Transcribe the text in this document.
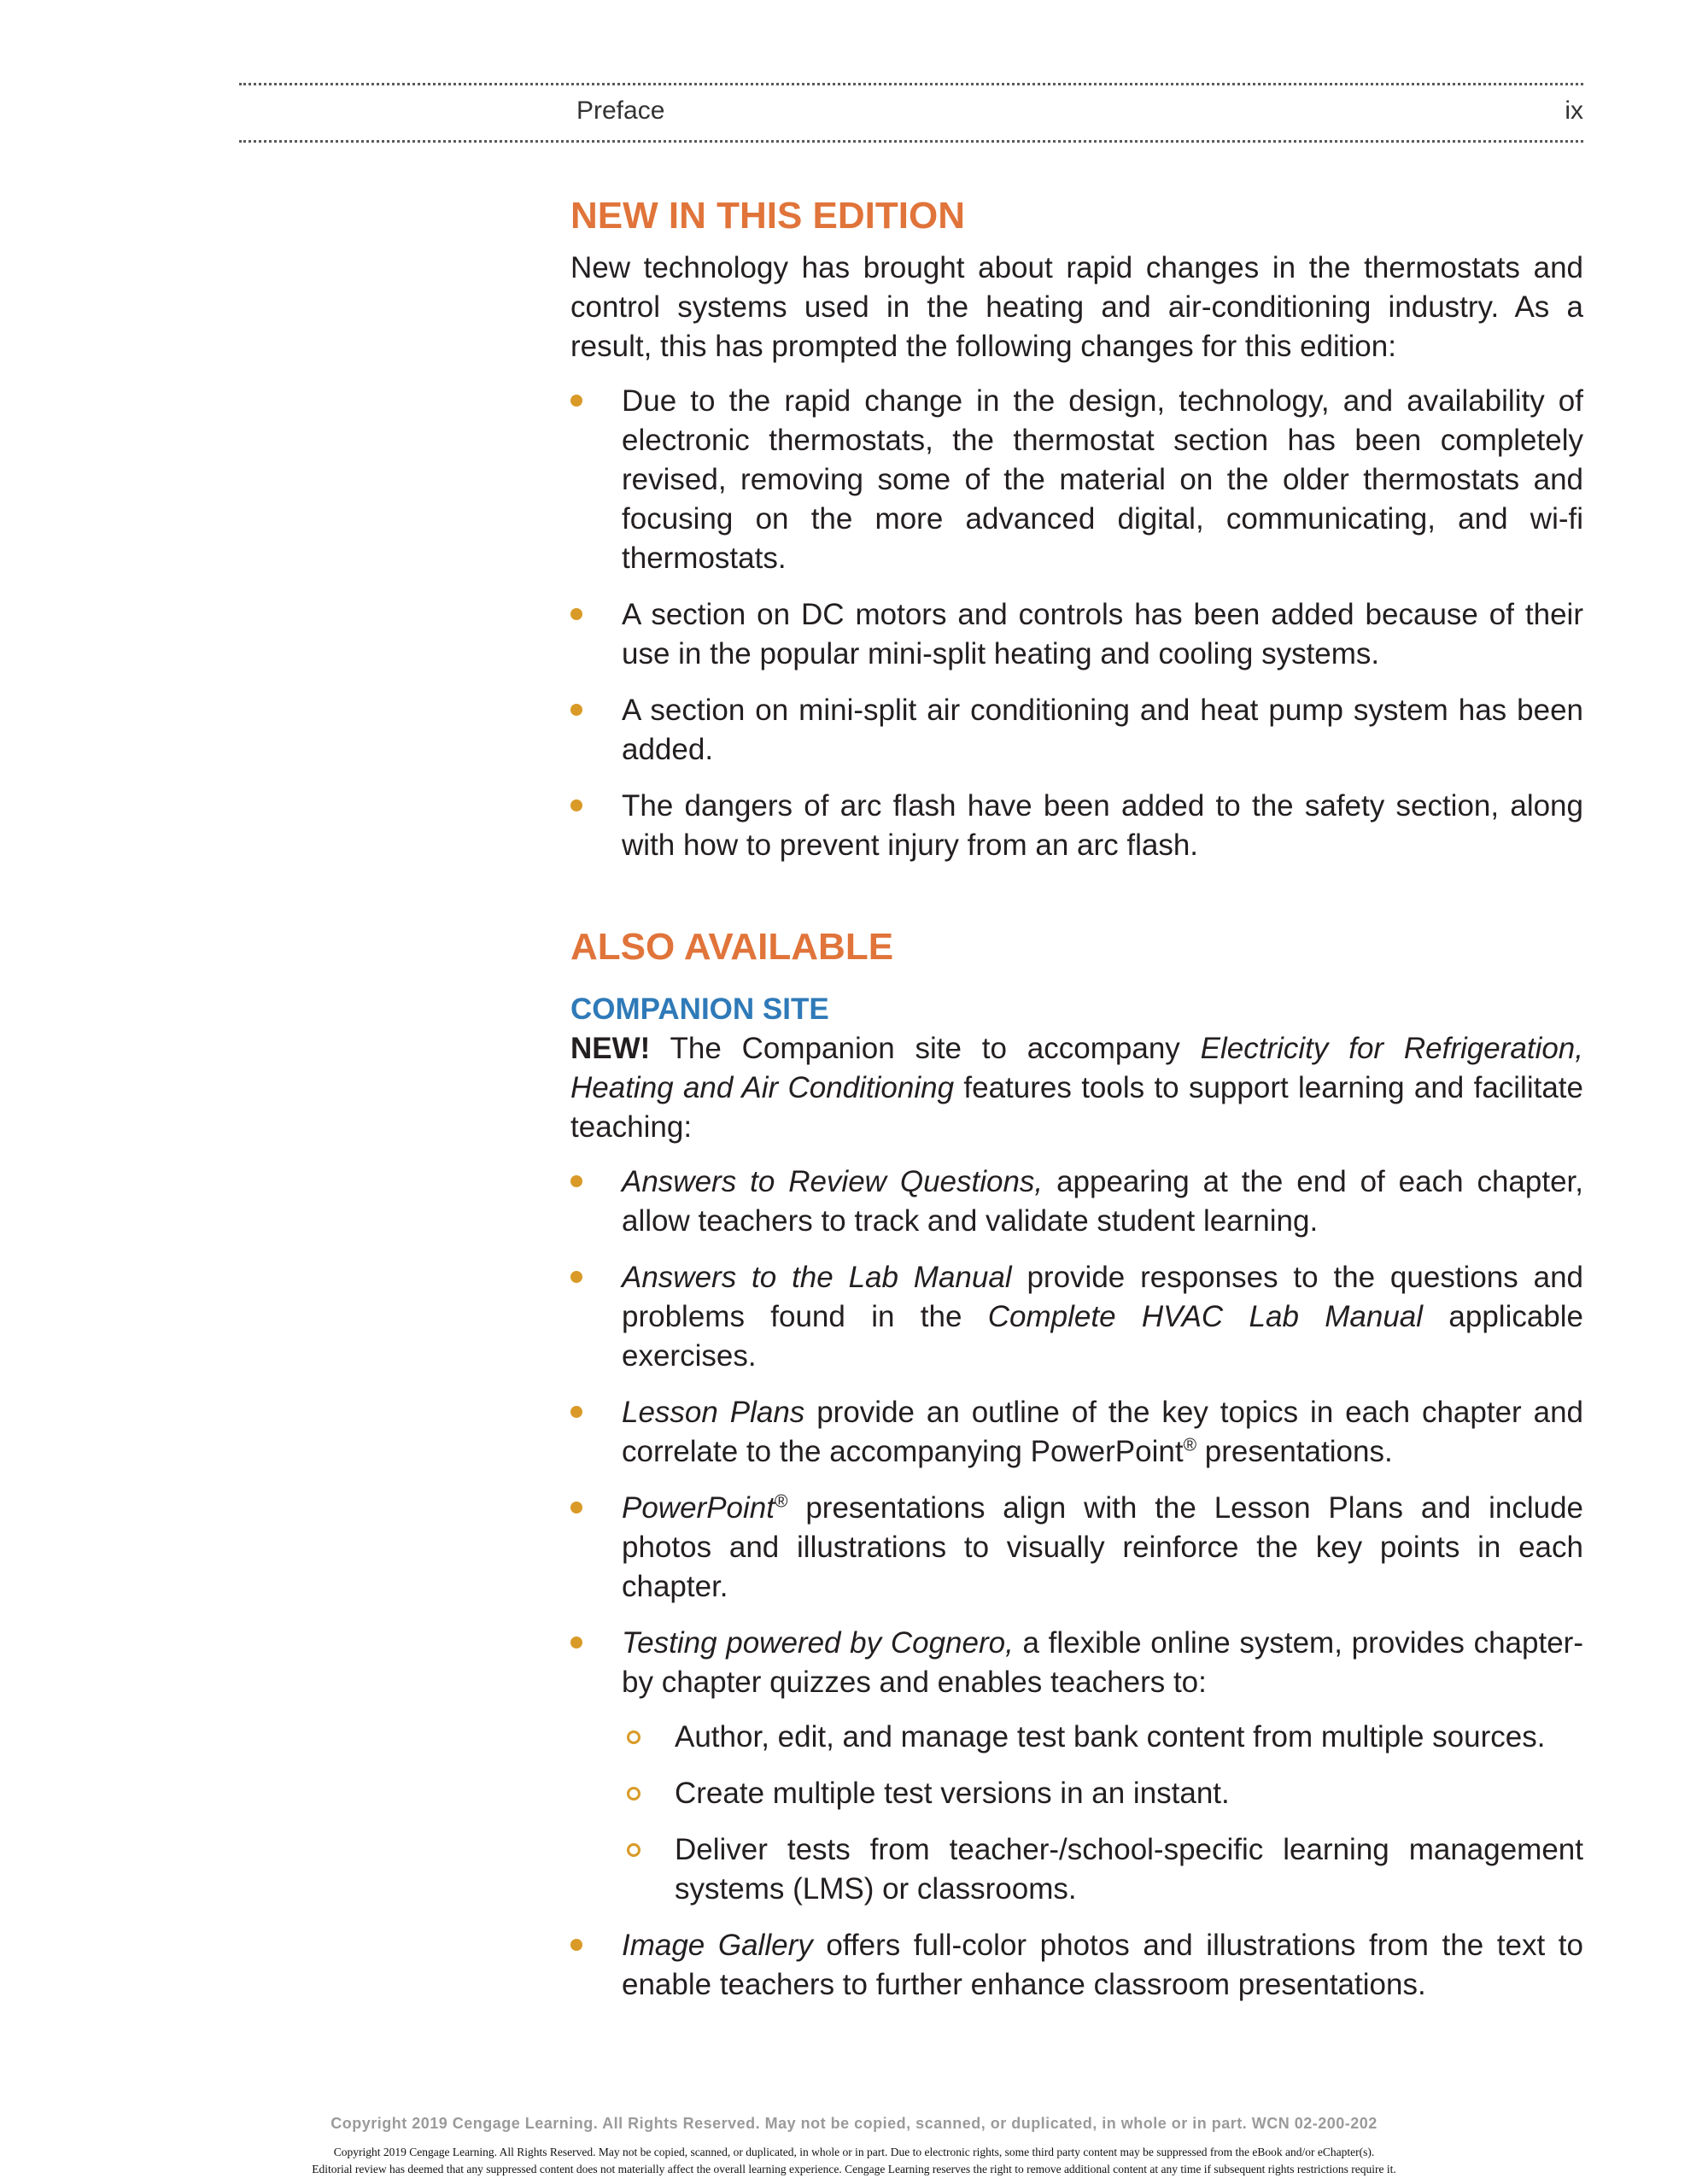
Preface	ix
NEW IN THIS EDITION

New technology has brought about rapid changes in the thermostats and control systems used in the heating and air-conditioning industry. As a result, this has prompted the following changes for this edition:

Due to the rapid change in the design, technology, and availability of electronic thermostats, the thermostat section has been completely revised, removing some of the material on the older thermostats and focusing on the more advanced digital, communicating, and wi-fi thermostats.

A section on DC motors and controls has been added because of their use in the popular mini-split heating and cooling systems.

A section on mini-split air conditioning and heat pump system has been added.

The dangers of arc flash have been added to the safety section, along with how to prevent injury from an arc flash.

ALSO AVAILABLE
COMPANION SITE

NEW! The Companion site to accompany Electricity for Refrigeration, Heating and Air Conditioning features tools to support learning and facilitate teaching:

Answers to Review Questions, appearing at the end of each chapter, allow teachers to track and validate student learning.

Answers to the Lab Manual provide responses to the questions and problems found in the Complete HVAC Lab Manual applicable exercises.

Lesson Plans provide an outline of the key topics in each chapter and correlate to the accompanying PowerPoint® presentations.

PowerPoint® presentations align with the Lesson Plans and include photos and illustrations to visually reinforce the key points in each chapter.

Testing powered by Cognero, a flexible online system, provides chapter-by chapter quizzes and enables teachers to:

Author, edit, and manage test bank content from multiple sources.

Create multiple test versions in an instant.

Deliver tests from teacher-/school-specific learning management systems (LMS) or classrooms.

Image Gallery offers full-color photos and illustrations from the text to enable teachers to further enhance classroom presentations.

Copyright 2019 Cengage Learning. All Rights Reserved. May not be copied, scanned, or duplicated, in whole or in part. WCN 02-200-202
Copyright 2019 Cengage Learning. All Rights Reserved. May not be copied, scanned, or duplicated, in whole or in part. Due to electronic rights, some third party content may be suppressed from the eBook and/or eChapter(s).
Editorial review has deemed that any suppressed content does not materially affect the overall learning experience. Cengage Learning reserves the right to remove additional content at any time if subsequent rights restrictions require it.
